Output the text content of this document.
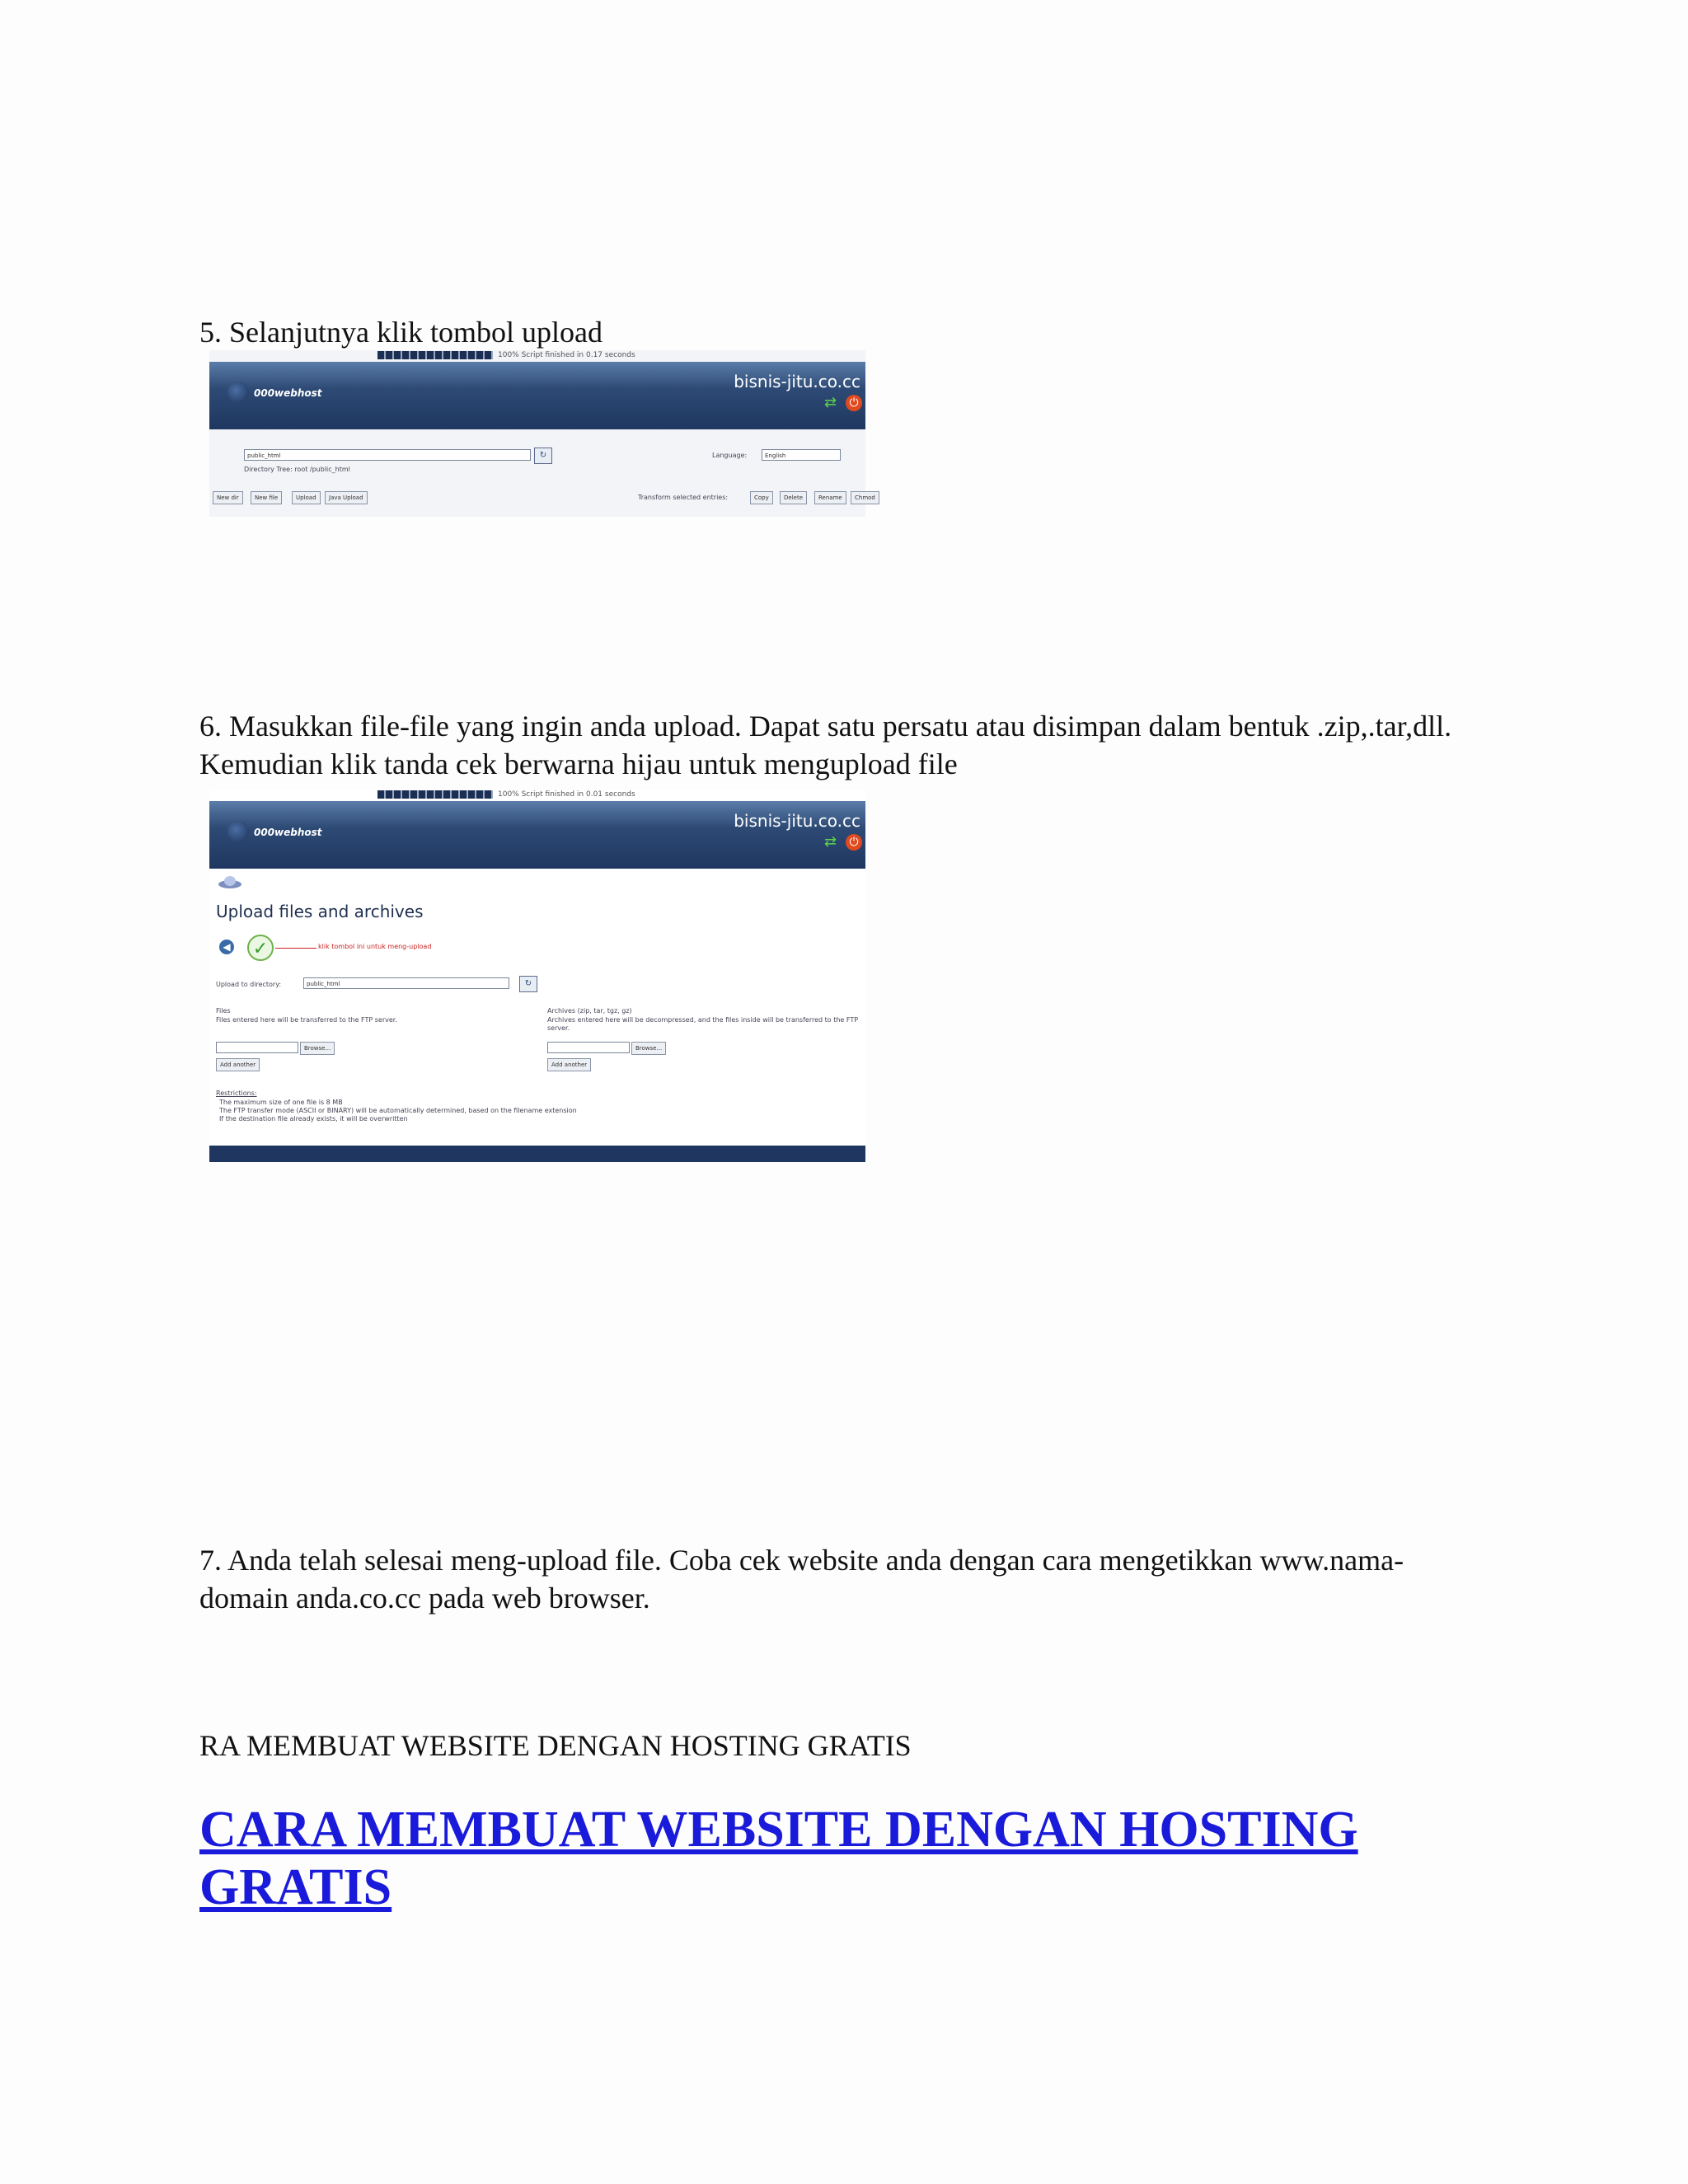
5. Selanjutnya klik tombol upload

100% Script finished in 0.17 seconds
000webhost
bisnis-jitu.co.cc
⇄	⏻
public_html	↻
Directory Tree: root /public_html
Language:	English
New dir	New file	Upload	Java Upload	Transform selected entries:	Copy	Delete	Rename	Chmod

6. Masukkan file-file yang ingin anda upload. Dapat satu persatu atau disimpan dalam bentuk .zip,.tar,dll. Kemudian klik tanda cek berwarna hijau untuk mengupload file

100% Script finished in 0.01 seconds
000webhost
bisnis-jitu.co.cc
⇄	⏻
Upload files and archives
◀	✓	klik tombol ini untuk meng-upload
Upload to directory:	public_html	↻
Files
Files entered here will be transferred to the FTP server.
Browse...
Add another
Archives (zip, tar, tgz, gz)
Archives entered here will be decompressed, and the files inside will be transferred to the FTP server.
Browse...
Add another
Restrictions:
The maximum size of one file is 8 MB
The FTP transfer mode (ASCII or BINARY) will be automatically determined, based on the filename extension
If the destination file already exists, it will be overwritten

7. Anda telah selesai meng-upload file. Coba cek website anda dengan cara mengetikkan www.nama-domain anda.co.cc pada web browser.

RA MEMBUAT WEBSITE DENGAN HOSTING GRATIS

CARA MEMBUAT WEBSITE DENGAN HOSTING GRATIS
